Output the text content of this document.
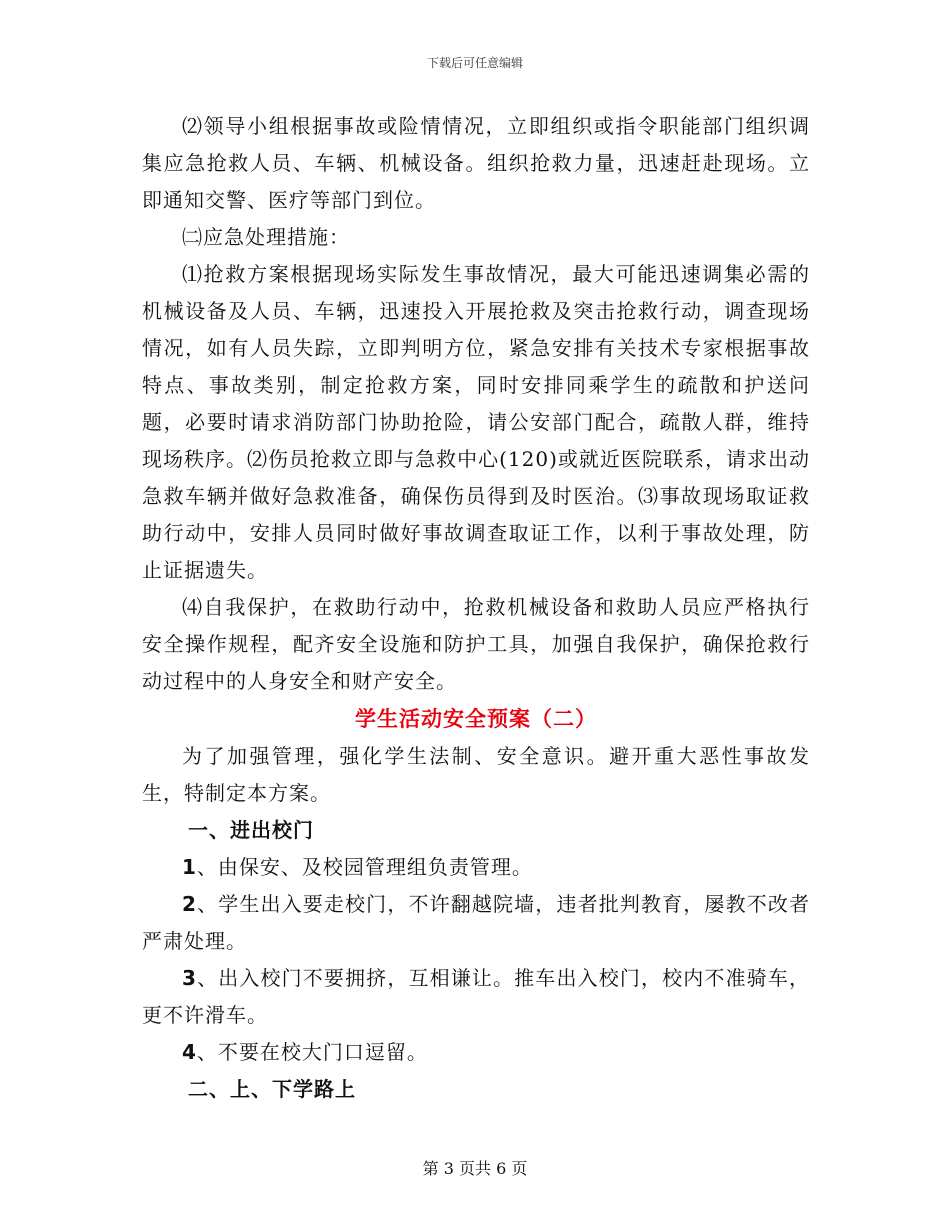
下载后可任意编辑

⑵领导小组根据事故或险情情况，立即组织或指令职能部门组织调集应急抢救人员、车辆、机械设备。组织抢救力量，迅速赶赴现场。立即通知交警、医疗等部门到位。

㈡应急处理措施：

⑴抢救方案根据现场实际发生事故情况，最大可能迅速调集必需的机械设备及人员、车辆，迅速投入开展抢救及突击抢救行动，调查现场情况，如有人员失踪，立即判明方位，紧急安排有关技术专家根据事故特点、事故类别，制定抢救方案，同时安排同乘学生的疏散和护送问题，必要时请求消防部门协助抢险，请公安部门配合，疏散人群，维持现场秩序。⑵伤员抢救立即与急救中心(120)或就近医院联系，请求出动急救车辆并做好急救准备，确保伤员得到及时医治。⑶事故现场取证救助行动中，安排人员同时做好事故调查取证工作，以利于事故处理，防止证据遗失。

⑷自我保护，在救助行动中，抢救机械设备和救助人员应严格执行安全操作规程，配齐安全设施和防护工具，加强自我保护，确保抢救行动过程中的人身安全和财产安全。

学生活动安全预案（二）

为了加强管理，强化学生法制、安全意识。避开重大恶性事故发生，特制定本方案。

一、进出校门

1、由保安、及校园管理组负责管理。

2、学生出入要走校门，不许翻越院墙，违者批判教育，屡教不改者严肃处理。

3、出入校门不要拥挤，互相谦让。推车出入校门，校内不准骑车，更不许滑车。

4、不要在校大门口逗留。

二、上、下学路上

第 3 页共 6 页
